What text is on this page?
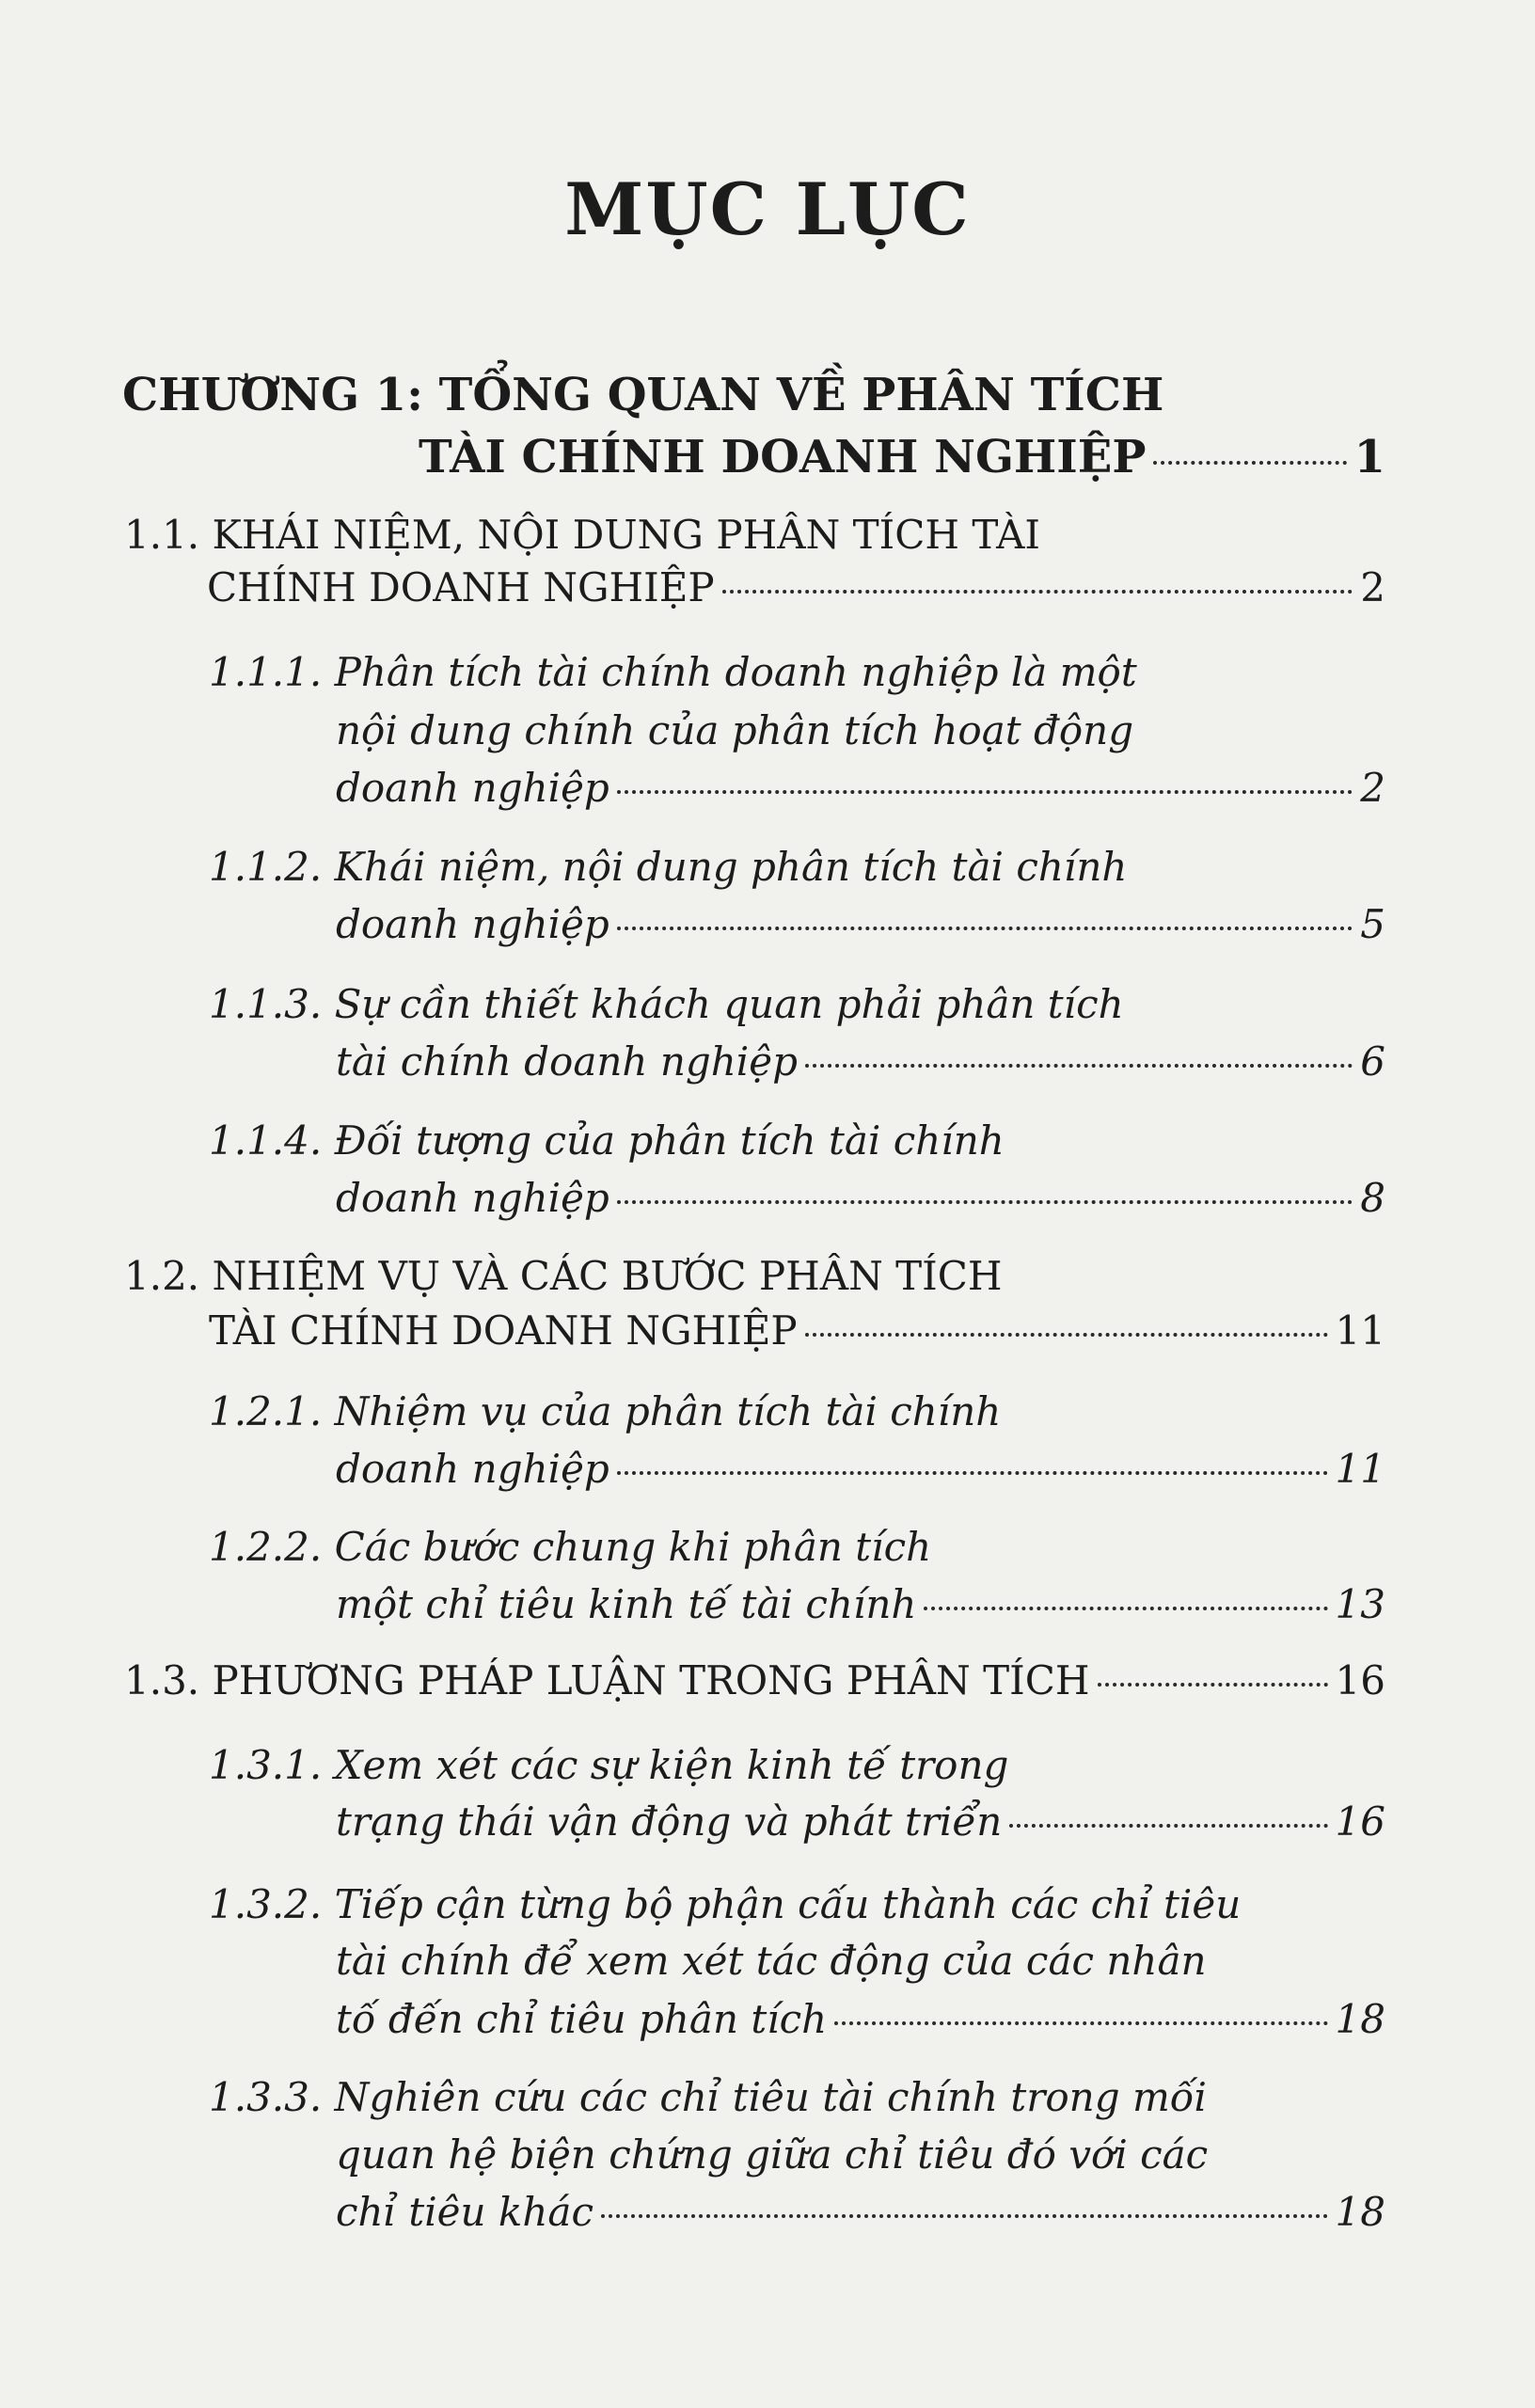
MỤC LỤC
CHƯƠNG 1: TỔNG QUAN VỀ PHÂN TÍCH
TÀI CHÍNH DOANH NGHIỆP	1
1.1. KHÁI NIỆM, NỘI DUNG PHÂN TÍCH TÀI
CHÍNH DOANH NGHIỆP	2
1.1.1. Phân tích tài chính doanh nghiệp là một
nội dung chính của phân tích hoạt động
doanh nghiệp	2
1.1.2. Khái niệm, nội dung phân tích tài chính
doanh nghiệp	5
1.1.3. Sự cần thiết khách quan phải phân tích
tài chính doanh nghiệp	6
1.1.4. Đối tượng của phân tích tài chính
doanh nghiệp	8
1.2. NHIỆM VỤ VÀ CÁC BƯỚC PHÂN TÍCH
TÀI CHÍNH DOANH NGHIỆP	11
1.2.1. Nhiệm vụ của phân tích tài chính
doanh nghiệp	11
1.2.2. Các bước chung khi phân tích
một chỉ tiêu kinh tế tài chính	13
1.3. PHƯƠNG PHÁP LUẬN TRONG PHÂN TÍCH	16
1.3.1. Xem xét các sự kiện kinh tế trong
trạng thái vận động và phát triển	16
1.3.2. Tiếp cận từng bộ phận cấu thành các chỉ tiêu
tài chính để xem xét tác động của các nhân
tố đến chỉ tiêu phân tích	18
1.3.3. Nghiên cứu các chỉ tiêu tài chính trong mối
quan hệ biện chứng giữa chỉ tiêu đó với các
chỉ tiêu khác	18
